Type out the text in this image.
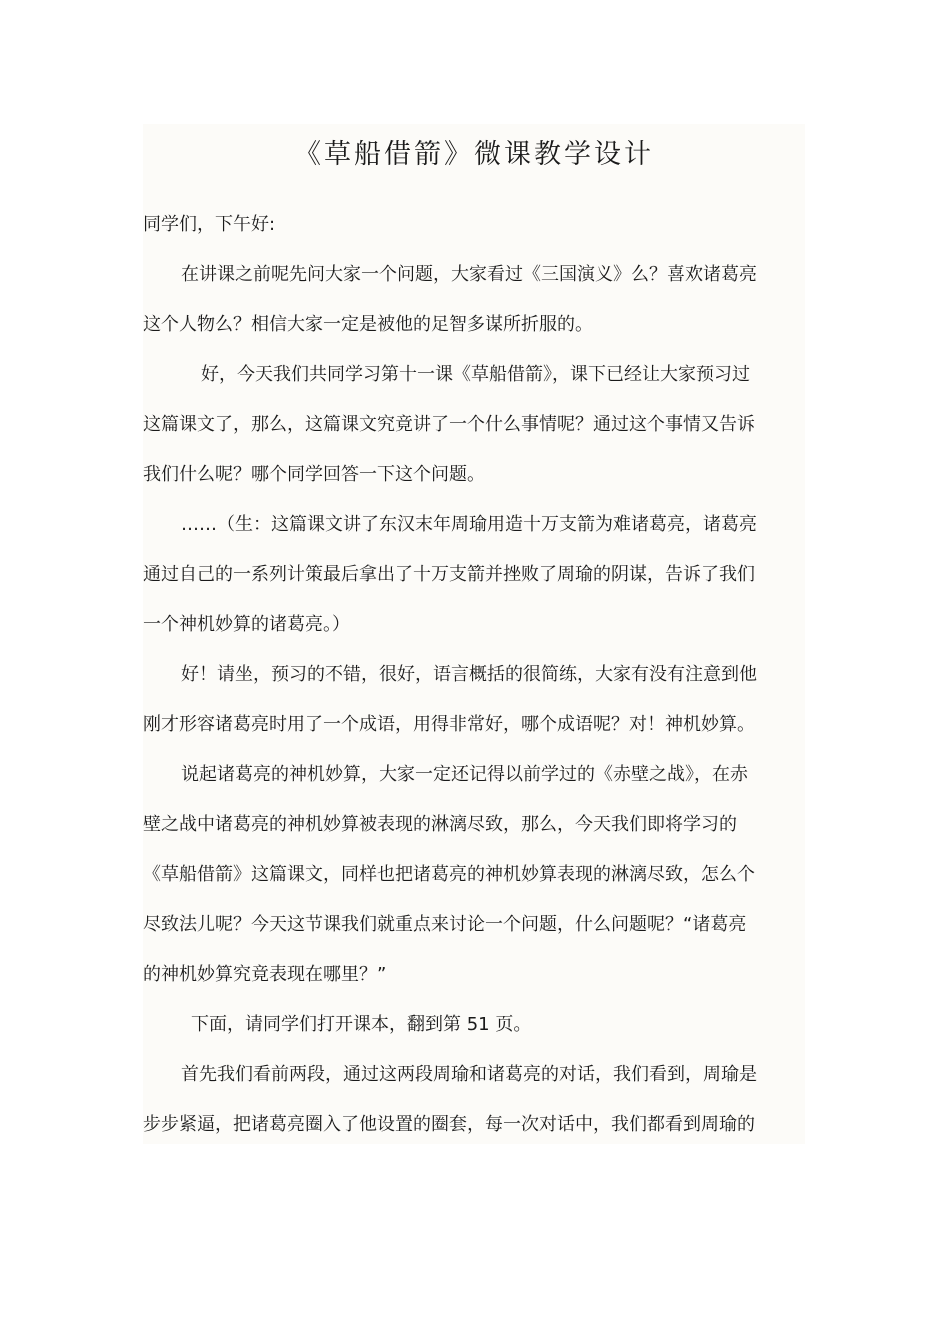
《草船借箭》微课教学设计
同学们，下午好:
在讲课之前呢先问大家一个问题，大家看过《三国演义》么？喜欢诸葛亮
这个人物么？相信大家一定是被他的足智多谋所折服的。
好，今天我们共同学习第十一课《草船借箭》，课下已经让大家预习过
这篇课文了，那么，这篇课文究竟讲了一个什么事情呢？通过这个事情又告诉
我们什么呢？哪个同学回答一下这个问题。
……（生：这篇课文讲了东汉末年周瑜用造十万支箭为难诸葛亮，诸葛亮
通过自己的一系列计策最后拿出了十万支箭并挫败了周瑜的阴谋，告诉了我们
一个神机妙算的诸葛亮。）
好！请坐，预习的不错，很好，语言概括的很简练，大家有没有注意到他
刚才形容诸葛亮时用了一个成语，用得非常好，哪个成语呢？对！神机妙算。
说起诸葛亮的神机妙算，大家一定还记得以前学过的《赤壁之战》，在赤
壁之战中诸葛亮的神机妙算被表现的淋漓尽致，那么，今天我们即将学习的
《草船借箭》这篇课文，同样也把诸葛亮的神机妙算表现的淋漓尽致，怎么个
尽致法儿呢？今天这节课我们就重点来讨论一个问题，什么问题呢？“诸葛亮
的神机妙算究竟表现在哪里？”
下面，请同学们打开课本，翻到第 51 页。
首先我们看前两段，通过这两段周瑜和诸葛亮的对话，我们看到，周瑜是
步步紧逼，把诸葛亮圈入了他设置的圈套，每一次对话中，我们都看到周瑜的
